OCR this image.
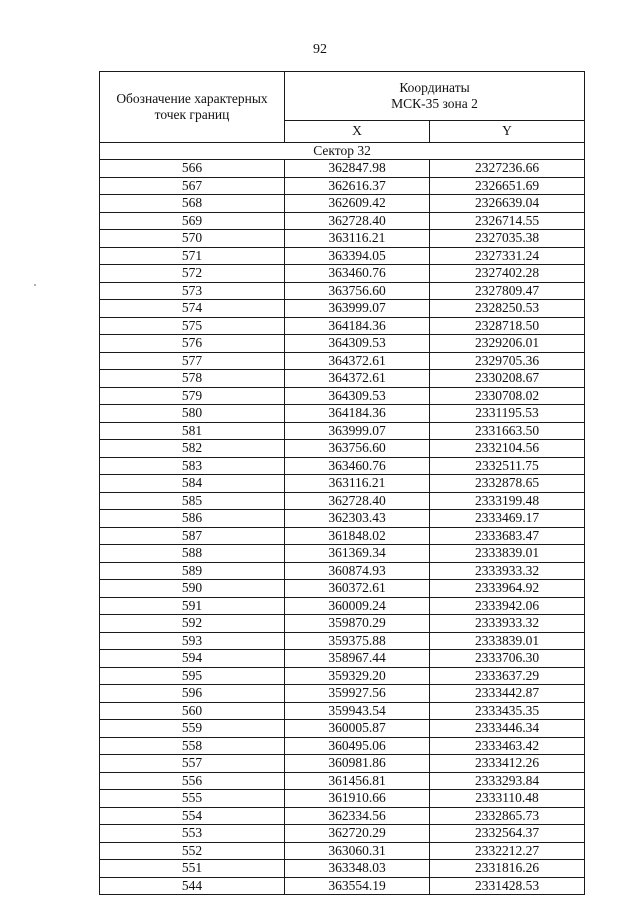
92
Обозначение характерных
точек границ	Координаты
МСК-35 зона 2	

	X	Y
Сектор 32		
566	362847.98	2327236.66
567	362616.37	2326651.69
568	362609.42	2326639.04
569	362728.40	2326714.55
570	363116.21	2327035.38
571	363394.05	2327331.24
572	363460.76	2327402.28
573	363756.60	2327809.47
574	363999.07	2328250.53
575	364184.36	2328718.50
576	364309.53	2329206.01
577	364372.61	2329705.36
578	364372.61	2330208.67
579	364309.53	2330708.02
580	364184.36	2331195.53
581	363999.07	2331663.50
582	363756.60	2332104.56
583	363460.76	2332511.75
584	363116.21	2332878.65
585	362728.40	2333199.48
586	362303.43	2333469.17
587	361848.02	2333683.47
588	361369.34	2333839.01
589	360874.93	2333933.32
590	360372.61	2333964.92
591	360009.24	2333942.06
592	359870.29	2333933.32
593	359375.88	2333839.01
594	358967.44	2333706.30
595	359329.20	2333637.29
596	359927.56	2333442.87
560	359943.54	2333435.35
559	360005.87	2333446.34
558	360495.06	2333463.42
557	360981.86	2333412.26
556	361456.81	2333293.84
555	361910.66	2333110.48
554	362334.56	2332865.73
553	362720.29	2332564.37
552	363060.31	2332212.27
551	363348.03	2331816.26
544	363554.19	2331428.53
